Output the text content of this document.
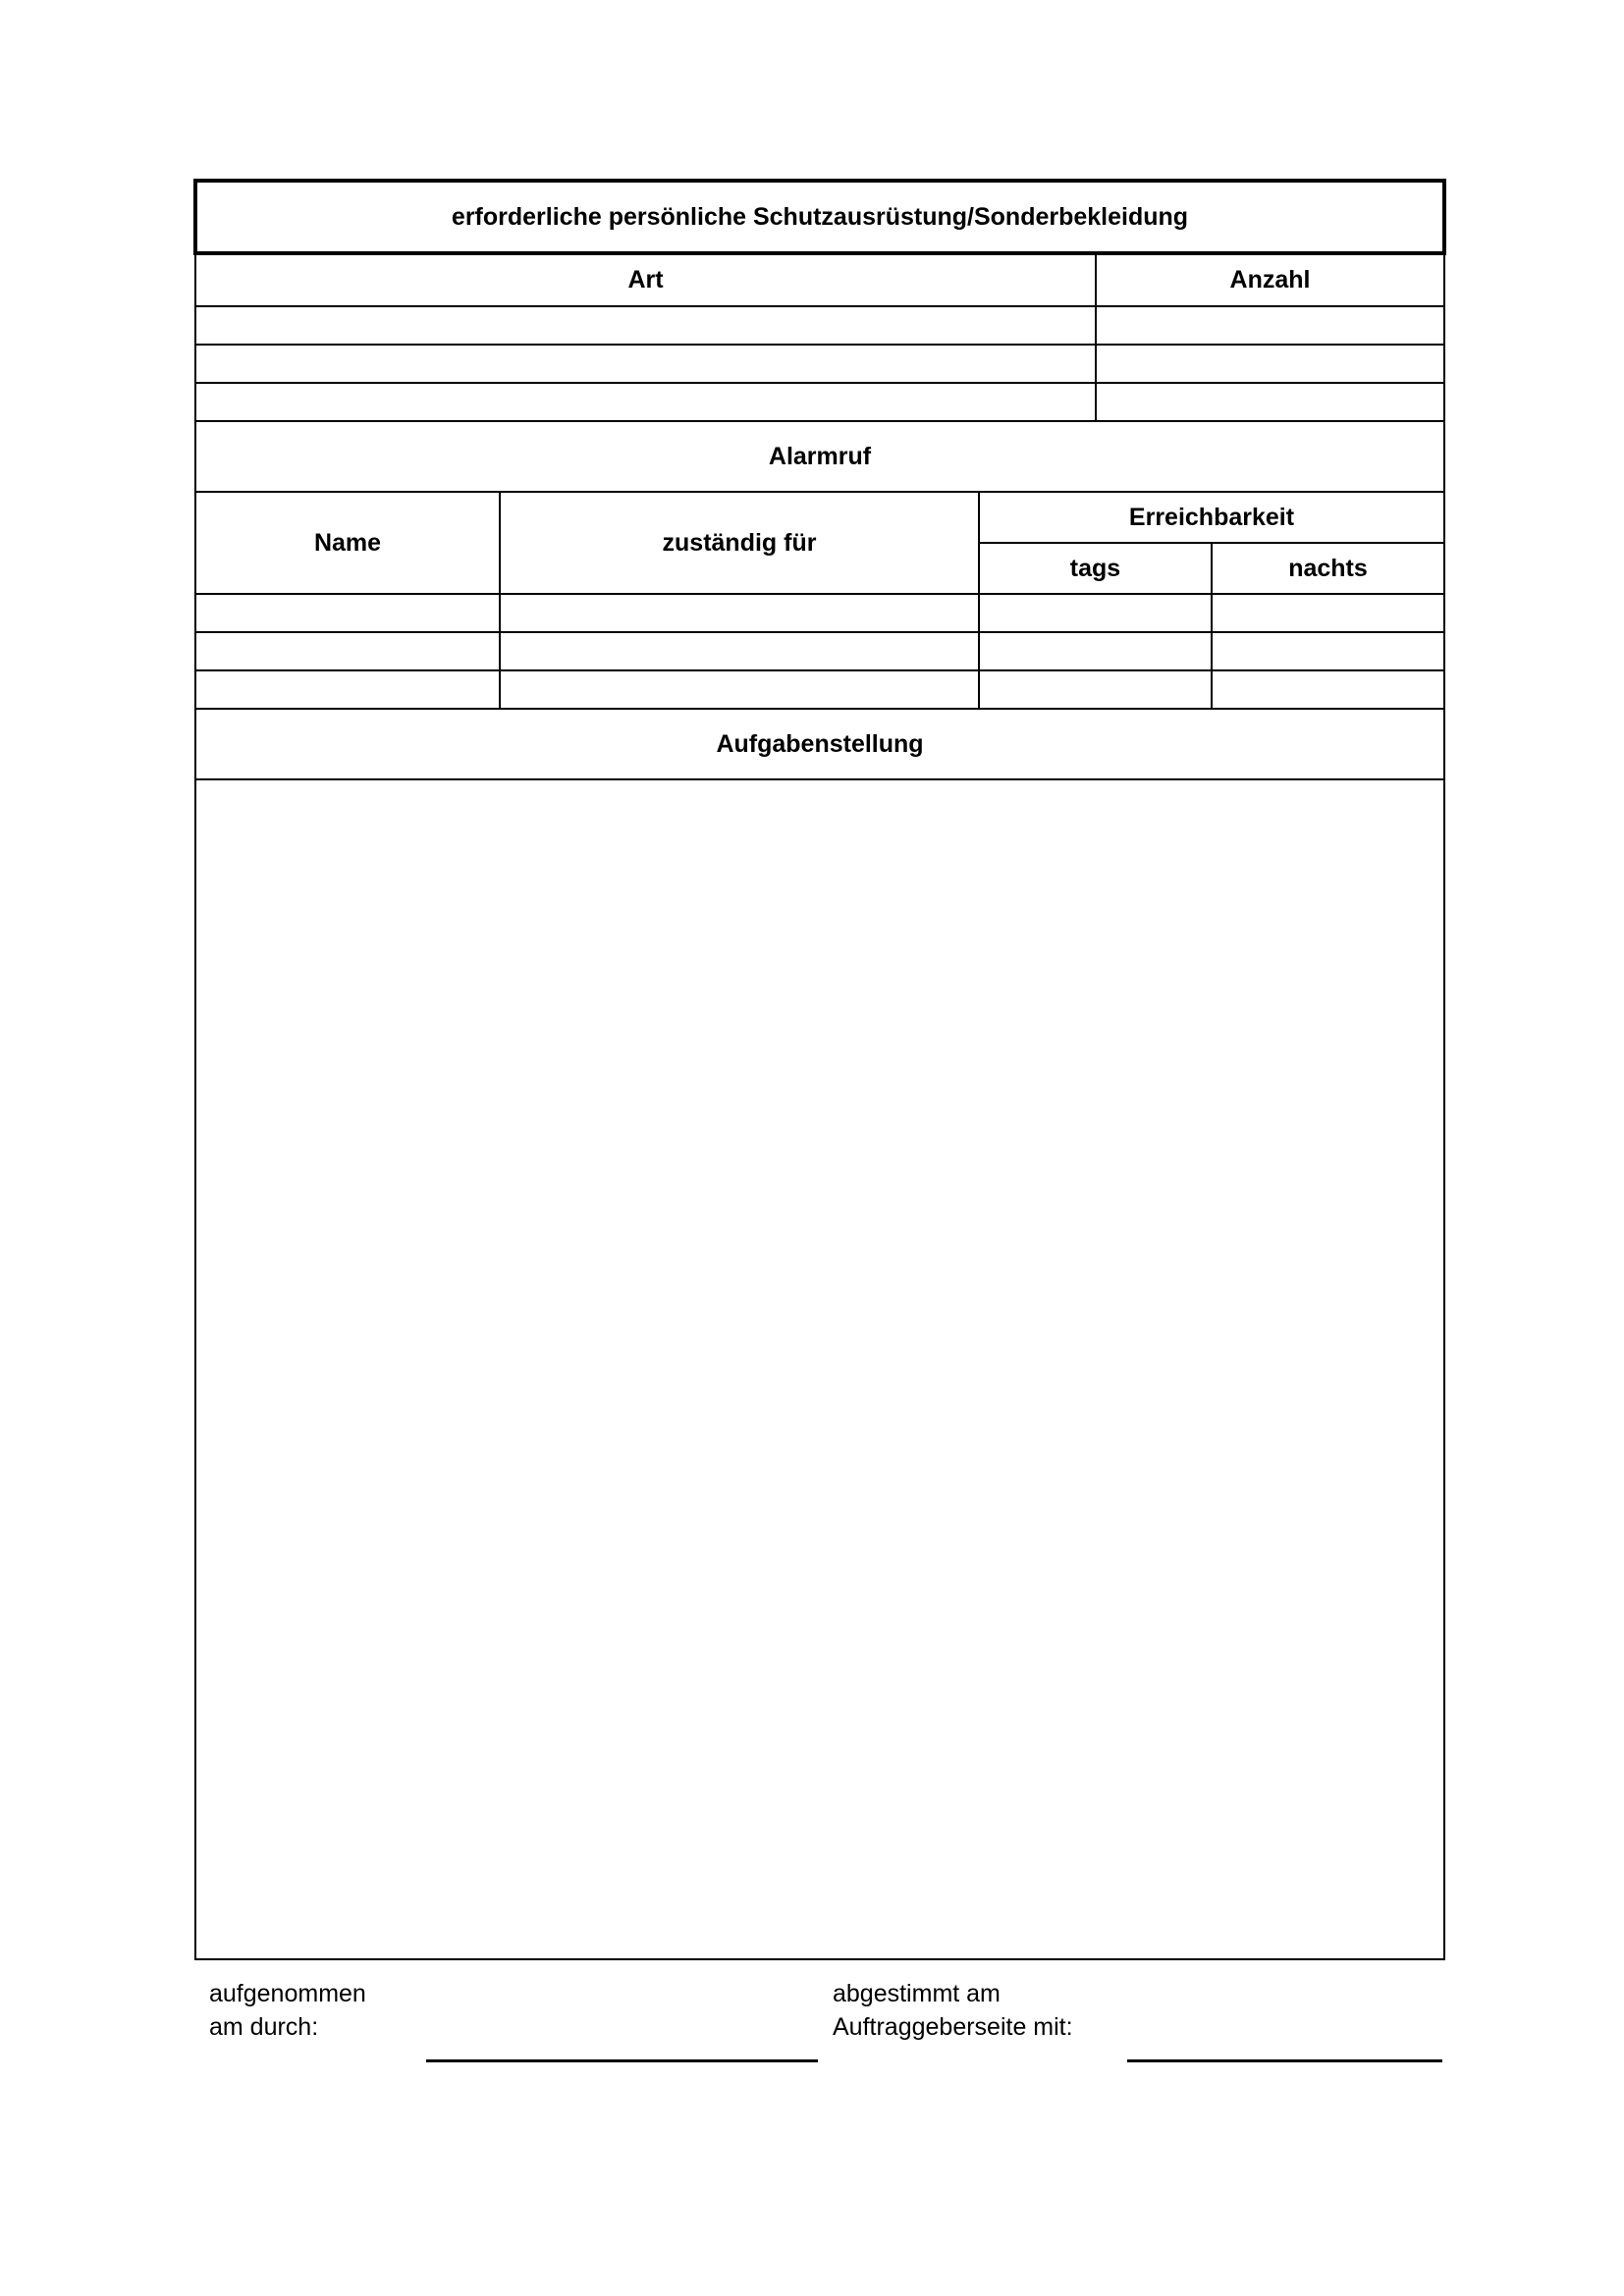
erforderliche persönliche Schutzausrüstung/Sonderbekleidung				
Art			Anzahl	

Alarmruf				
Name	zuständig für	Erreichbarkeit		
		tags		nachts

Aufgabenstellung				

aufgenommen
am durch:
abgestimmt am
Auftraggeberseite mit:
